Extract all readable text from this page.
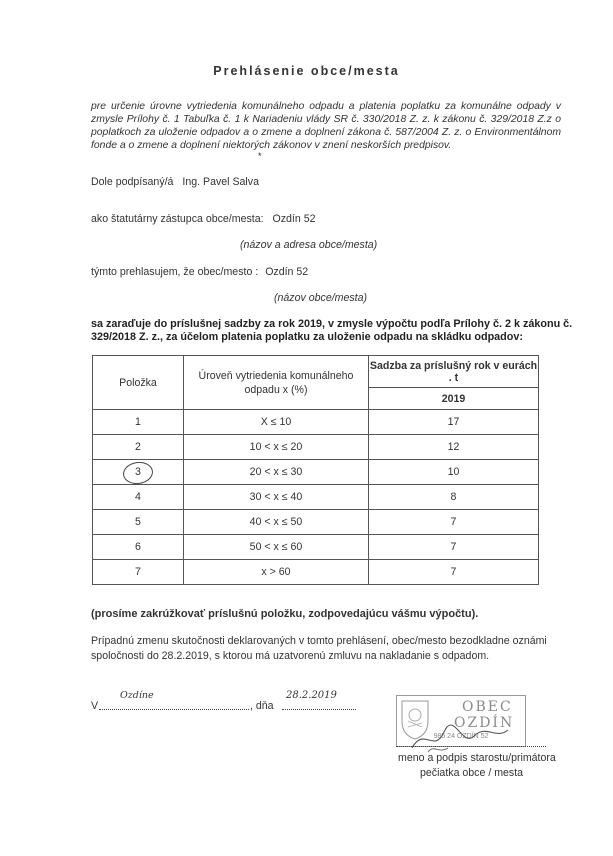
Prehlásenie obce/mesta
pre určenie úrovne vytriedenia komunálneho odpadu a platenia poplatku za komunálne odpady v zmysle Prílohy č. 1 Tabuľka č. 1 k Nariadeniu vlády SR č. 330/2018 Z. z. k zákonu č. 329/2018 Z.z o poplatkoch za uloženie odpadov a o zmene a doplnení zákona č. 587/2004 Z. z. o Environmentálnom fonde a o zmene a doplnení niektorých zákonov v znení neskorších predpisov.
*
Dole podpísaný/á Ing. Pavel Salva
ako štatutárny zástupca obce/mesta: Ozdín 52
(názov a adresa obce/mesta)
týmto prehlasujem, že obec/mesto : Ozdín 52
(názov obce/mesta)
sa zaraďuje do príslušnej sadzby za rok 2019, v zmysle výpočtu podľa Prílohy č. 2 k zákonu č. 329/2018 Z. z., za účelom platenia poplatku za uloženie odpadu na skládku odpadov:
Položka	Úroveň vytriedenia komunálneho odpadu x (%)	Sadzba za príslušný rok v eurách . t
		2019
1	X ≤ 10	17
2	10 < x ≤ 20	12

3	20 < x ≤ 30	10
4	30 < x ≤ 40	8
5	40 < x ≤ 50	7
6	50 < x ≤ 60	7
7	x > 60	7
(prosíme zakrúžkovať príslušnú položku, zodpovedajúcu vášmu výpočtu).
Prípadnú zmenu skutočnosti deklarovaných v tomto prehlásení, obec/mesto bezodkladne oznámi spoločnosti do 28.2.2019, s ktorou má uzatvorenú zmluvu na nakladanie s odpadom.
V
Ozdíne
, dňa
28.2.2019
OBEC
OZDÍN
985 24 OZDÍN 52
meno a podpis starostu/primátora
pečiatka obce / mesta
